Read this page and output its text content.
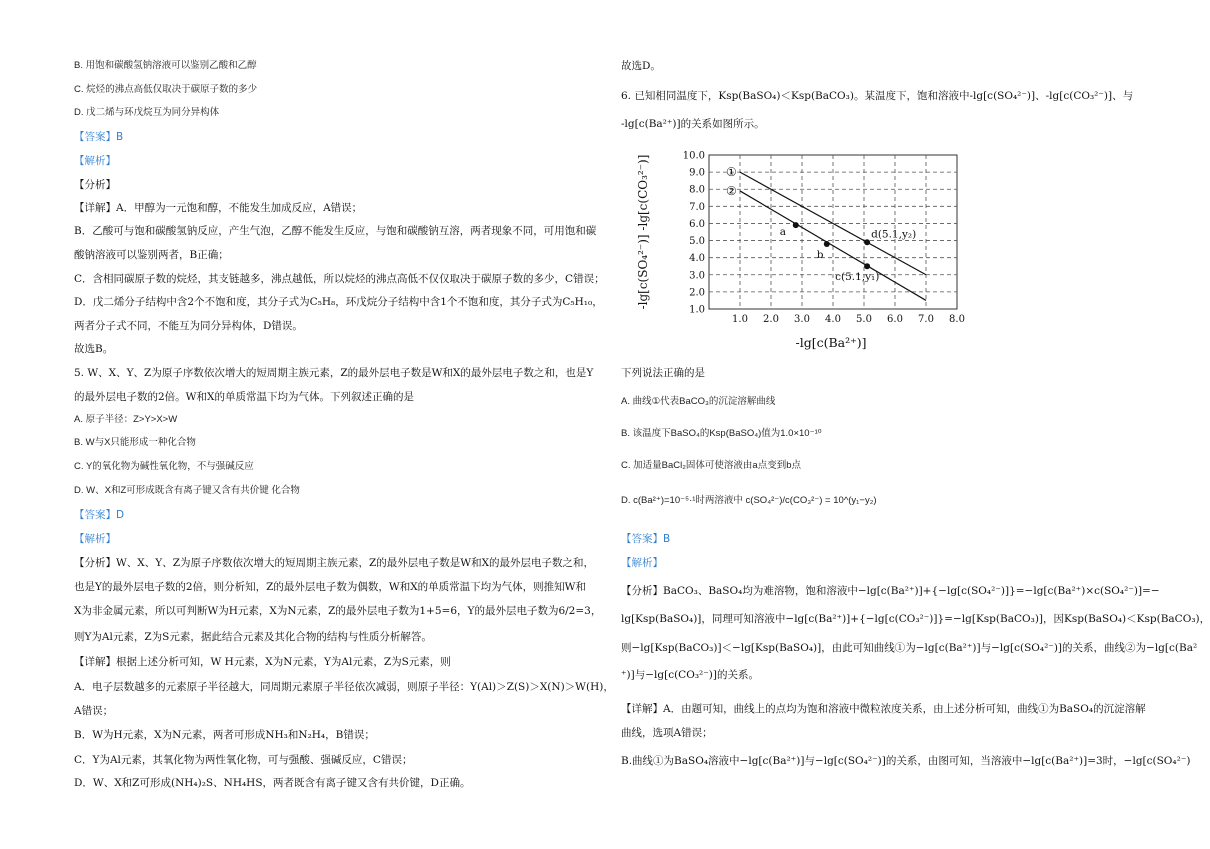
B. 用饱和碳酸氢钠溶液可以鉴别乙酸和乙醇
C. 烷烃的沸点高低仅取决于碳原子数的多少
D. 戊二烯与环戊烷互为同分异构体
【答案】B
【解析】
【分析】
【详解】A．甲醇为一元饱和醇，不能发生加成反应，A错误；
B．乙酸可与饱和碳酸氢钠反应，产生气泡，乙醇不能发生反应，与饱和碳酸钠互溶，两者现象不同，可用饱和碳
酸钠溶液可以鉴别两者，B正确；
C．含相同碳原子数的烷烃，其支链越多，沸点越低，所以烷烃的沸点高低不仅仅取决于碳原子数的多少，C错误；
D．戊二烯分子结构中含2个不饱和度，其分子式为C₅H₈，环戊烷分子结构中含1个不饱和度，其分子式为C₅H₁₀，
两者分子式不同，不能互为同分异构体，D错误。
故选B。
5. W、X、Y、Z为原子序数依次增大的短周期主族元素，Z的最外层电子数是W和X的最外层电子数之和，也是Y
的最外层电子数的2倍。W和X的单质常温下均为气体。下列叙述正确的是
A. 原子半径：Z>Y>X>W
B. W与X只能形成一种化合物
C. Y的氧化物为碱性氧化物，不与强碱反应
D. W、X和Z可形成既含有离子键又含有共价键 化合物
【答案】D
【解析】
【分析】W、X、Y、Z为原子序数依次增大的短周期主族元素，Z的最外层电子数是W和X的最外层电子数之和，
也是Y的最外层电子数的2倍，则分析知，Z的最外层电子数为偶数，W和X的单质常温下均为气体，则推知W和
X为非金属元素，所以可判断W为H元素，X为N元素，Z的最外层电子数为1+5=6，Y的最外层电子数为6/2=3，
则Y为Al元素，Z为S元素，据此结合元素及其化合物的结构与性质分析解答。
【详解】根据上述分析可知，W H元素，X为N元素，Y为Al元素，Z为S元素，则
A．电子层数越多的元素原子半径越大，同周期元素原子半径依次减弱，则原子半径：Y(Al)＞Z(S)＞X(N)＞W(H)，
A错误；
B．W为H元素，X为N元素，两者可形成NH₃和N₂H₄，B错误；
C．Y为Al元素，其氧化物为两性氧化物，可与强酸、强碱反应，C错误；
D．W、X和Z可形成(NH₄)₂S、NH₄HS，两者既含有离子键又含有共价键，D正确。
1.0 2.0 3.0 4.0 5.0 6.0 7.0 8.0
1.0
2.0
3.0
4.0
5.0
6.0
7.0
8.0
9.0
10.0
-lg[c(Ba²⁺)]
-lg[c(SO₄²⁻)] -lg[c(CO₃²⁻)]	①
②
a
b
d(5.1,y₂)
c(5.1,y₁)
故选D。
6. 已知相同温度下，Ksp(BaSO₄)＜Ksp(BaCO₃)。某温度下，饱和溶液中-lg[c(SO₄²⁻)]、-lg[c(CO₃²⁻)]、与
-lg[c(Ba²⁺)]的关系如图所示。
下列说法正确的是
A. 曲线①代表BaCO₃的沉淀溶解曲线
B. 该温度下BaSO₄的Ksp(BaSO₄)值为1.0×10⁻¹⁰
C. 加适量BaCl₂固体可使溶液由a点变到b点
D. c(Ba²⁺)=10⁻⁵·¹时两溶液中 c(SO₄²⁻)/c(CO₃²⁻) = 10^(y₁−y₂)
【答案】B
【解析】
【分析】BaCO₃、BaSO₄均为难溶物，饱和溶液中−lg[c(Ba²⁺)]+{−lg[c(SO₄²⁻)]}=−lg[c(Ba²⁺)×c(SO₄²⁻)]=−
lg[Ksp(BaSO₄)]，同理可知溶液中−lg[c(Ba²⁺)]+{−lg[c(CO₃²⁻)]}=−lg[Ksp(BaCO₃)]，因Ksp(BaSO₄)＜Ksp(BaCO₃)，
则−lg[Ksp(BaCO₃)]＜−lg[Ksp(BaSO₄)]，由此可知曲线①为−lg[c(Ba²⁺)]与−lg[c(SO₄²⁻)]的关系，曲线②为−lg[c(Ba²
⁺)]与−lg[c(CO₃²⁻)]的关系。
【详解】A．由题可知，曲线上的点均为饱和溶液中微粒浓度关系，由上述分析可知，曲线①为BaSO₄的沉淀溶解
曲线，选项A错误；
B.曲线①为BaSO₄溶液中−lg[c(Ba²⁺)]与−lg[c(SO₄²⁻)]的关系，由图可知，当溶液中−lg[c(Ba²⁺)]=3时，−lg[c(SO₄²⁻)
